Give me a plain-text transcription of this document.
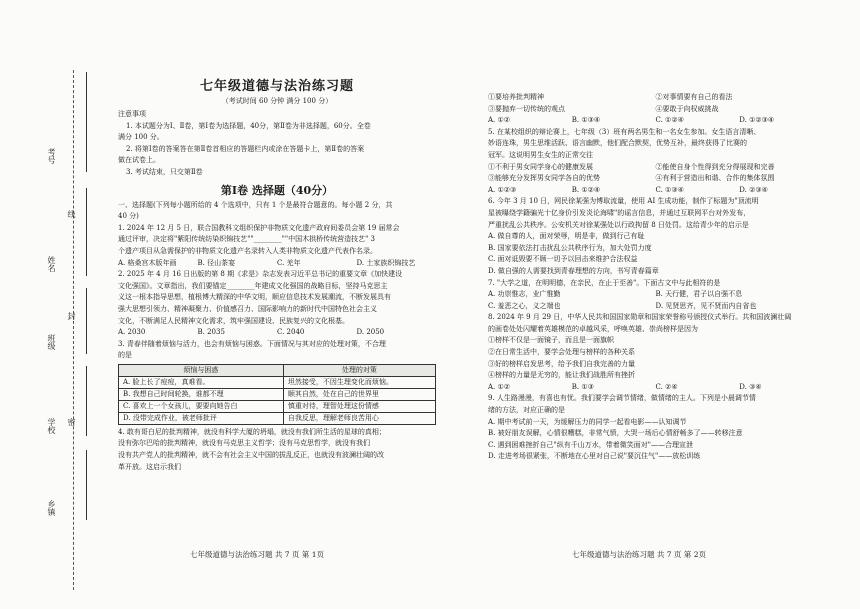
考号
线
姓名
班级
封
学校 密
乡镇
七年级道德与法治练习题
（考试时间 60 分钟 满分 100 分）

注意事项

1. 本试题分为Ⅰ、Ⅱ卷，第Ⅰ卷为选择题，40分，第Ⅱ卷为非选择题，60分。全卷

满分 100 分。

2. 将第Ⅰ卷的答案答在第Ⅱ卷首相应的答题栏内或涂在答题卡上，第Ⅱ卷的答案

做在试卷上。

3. 考试结束，只交第Ⅱ卷

第Ⅰ卷 选择题（40分）

一、选择题(下列每小题所给的 4 个选项中，只有 1 个是最符合题意的。每小题 2 分，共

40 分)

1. 2024 年 12 月 5 日，联合国教科文组织保护非物质文化遗产政府间委员会第 19 届常会

通过评审，决定将"紫阳传统纺染织锦技艺""________""中国木拱桥传统营造技艺" 3

个遗产项目从急需保护的非物质文化遗产名录转入人类非物质文化遗产代表作名录。

A. 格桑宫木版年画	B. 径山茶宴	C. 羌年	D. 土家族织锦技艺

2. 2025 年 4 月 16 日出版的第 8 期《求是》杂志发表习近平总书记的重要文章《加快建设

文化强国》。文章指出，我们要锚定________年建成文化强国的战略目标，坚持马克思主

义这一根本指导思想，植根博大精深的中华文明，顺应信息技术发展潮流，不断发展具有

强大思想引领力、精神凝聚力、价值感召力、国际影响力的新时代中国特色社会主义

文化，不断满足人民精神文化需求，筑牢强国建设、民族复兴的文化根基。

A. 2030	B. 2035	C. 2040	D. 2050

3. 青春伴随着烦恼与活力，也会有烦恼与困惑。下面情况与其对应的处理对策，不合理

的是

烦恼与困惑	处理的对策
A. 脸上长了痘痘，真难看。	坦然接受，不因生理变化而烦恼。
B. 我想自己时间轮换，谁都不理	顺其自然，处在自己的世界里
C. 喜欢上一个女孩儿，要要向她告白	慎重对待，理智处理这份情感
D. 没带完成作业，被老师批评	自我反思，理解老师良苦用心

4. 敢有哥白尼的批判精神，就没有科学大厦的坍塌，就没有我们所生活的星球的真相；

没有弥尔巴哈的批判精神，就没有马克思主义哲学；没有马克思哲学，就没有我们

没有共产党人的批判精神，就不会有社会主义中国的拔乱反正，也就没有波澜壮阔的改

革开放。这启示我们

七年级道德与法治练习题 共 7 页 第 1页
①要培养批判精神	②对事情要有自己的看法
③要抛弃一切传统的观点	④要敢于向权威挑战
A. ①②	B. ①③④	C. ①②④	D. ①②③④

5. 在某校组织的辩论赛上，七年级（3）班有两名男生和一名女生参加。女生语言清晰、

妙语连珠，男生思维活跃、语言幽默，他们配合默契，优势互补，最终获得了比赛的

冠军。这说明男生女生的正常交往

①不利于男女同学身心的健康发展	②能使自身个性得到充分得展现和完善
③能够充分发挥男女同学各自的优势	④有利于营造出和谐、合作的集体氛围
A. ①②③	B. ①②④	C. ①③④	D. ②③④

6. 今年 3 月 10 日，网民徐某强为博取流量，使用 AI 生成功能，制作了标题为"顶流明

星被曝绕学籍骗光十亿身价引发炎论海啸"的谣言信息，并通过互联网平台对外发布，

严重扰乱公共秩序。公安机关对徐某强处以行政拘留 8 日处罚。这给青少年的启示是

A. 做自尊的人，面对荣辱，明是非，做到行己有耻

B. 国家要依法打击扰乱公共秩序行为，加大处罚力度

C. 面对诋毁要不顾一切予以回击来维护合法权益

D. 做自强的人需要找到青春理想的方向，书写青春篇章

7. "大学之道，在明明德，在亲民，在止于至善"。下面古文中与此相符的是

A. 功崇惟志，业广惟勤	B. 天行健，君子以自强不息
C. 羞恶之心，义之端也	D. 见贤思齐，见不贤而内自省也

8. 2024 年 9 月 29 日，中华人民共和国国家勋章和国家荣誉称号颁授仪式举行。共和国波澜壮阔

的画卷处处闪耀着英雄模范的卓越风采，呼唤英雄、崇尚榜样是因为

①榜样不仅是一面镜子，而且是一面旗帜

②在日常生活中，要学会处理与榜样的各种关系

③好的榜样启发思考，给予我们自我完善的力量

④榜样的力量是无穷的，能让我们战胜所有挫折

A. ①②	B. ①③	C. ②④	D. ③④

9. 人生路漫漫，有喜也有忧。我们要学会调节情绪，做情绪的主人。下列是小晨调节情

绪的方法，对应正确的是

A. 期中考试前一天，为缓解压力的同学一起看电影——认知调节

B. 被好朋友误解，心情很糟糕，非常气愤，大哭一场后心情舒畅多了——转移注意

C. 遇到困难挫折自己"纵有千山万水，带着微笑面对"——合理宣泄

D. 走进考场很紧张，不断地在心里对自己说"要沉住气"——放松训练

七年级道德与法治练习题 共 7 页 第 2页
